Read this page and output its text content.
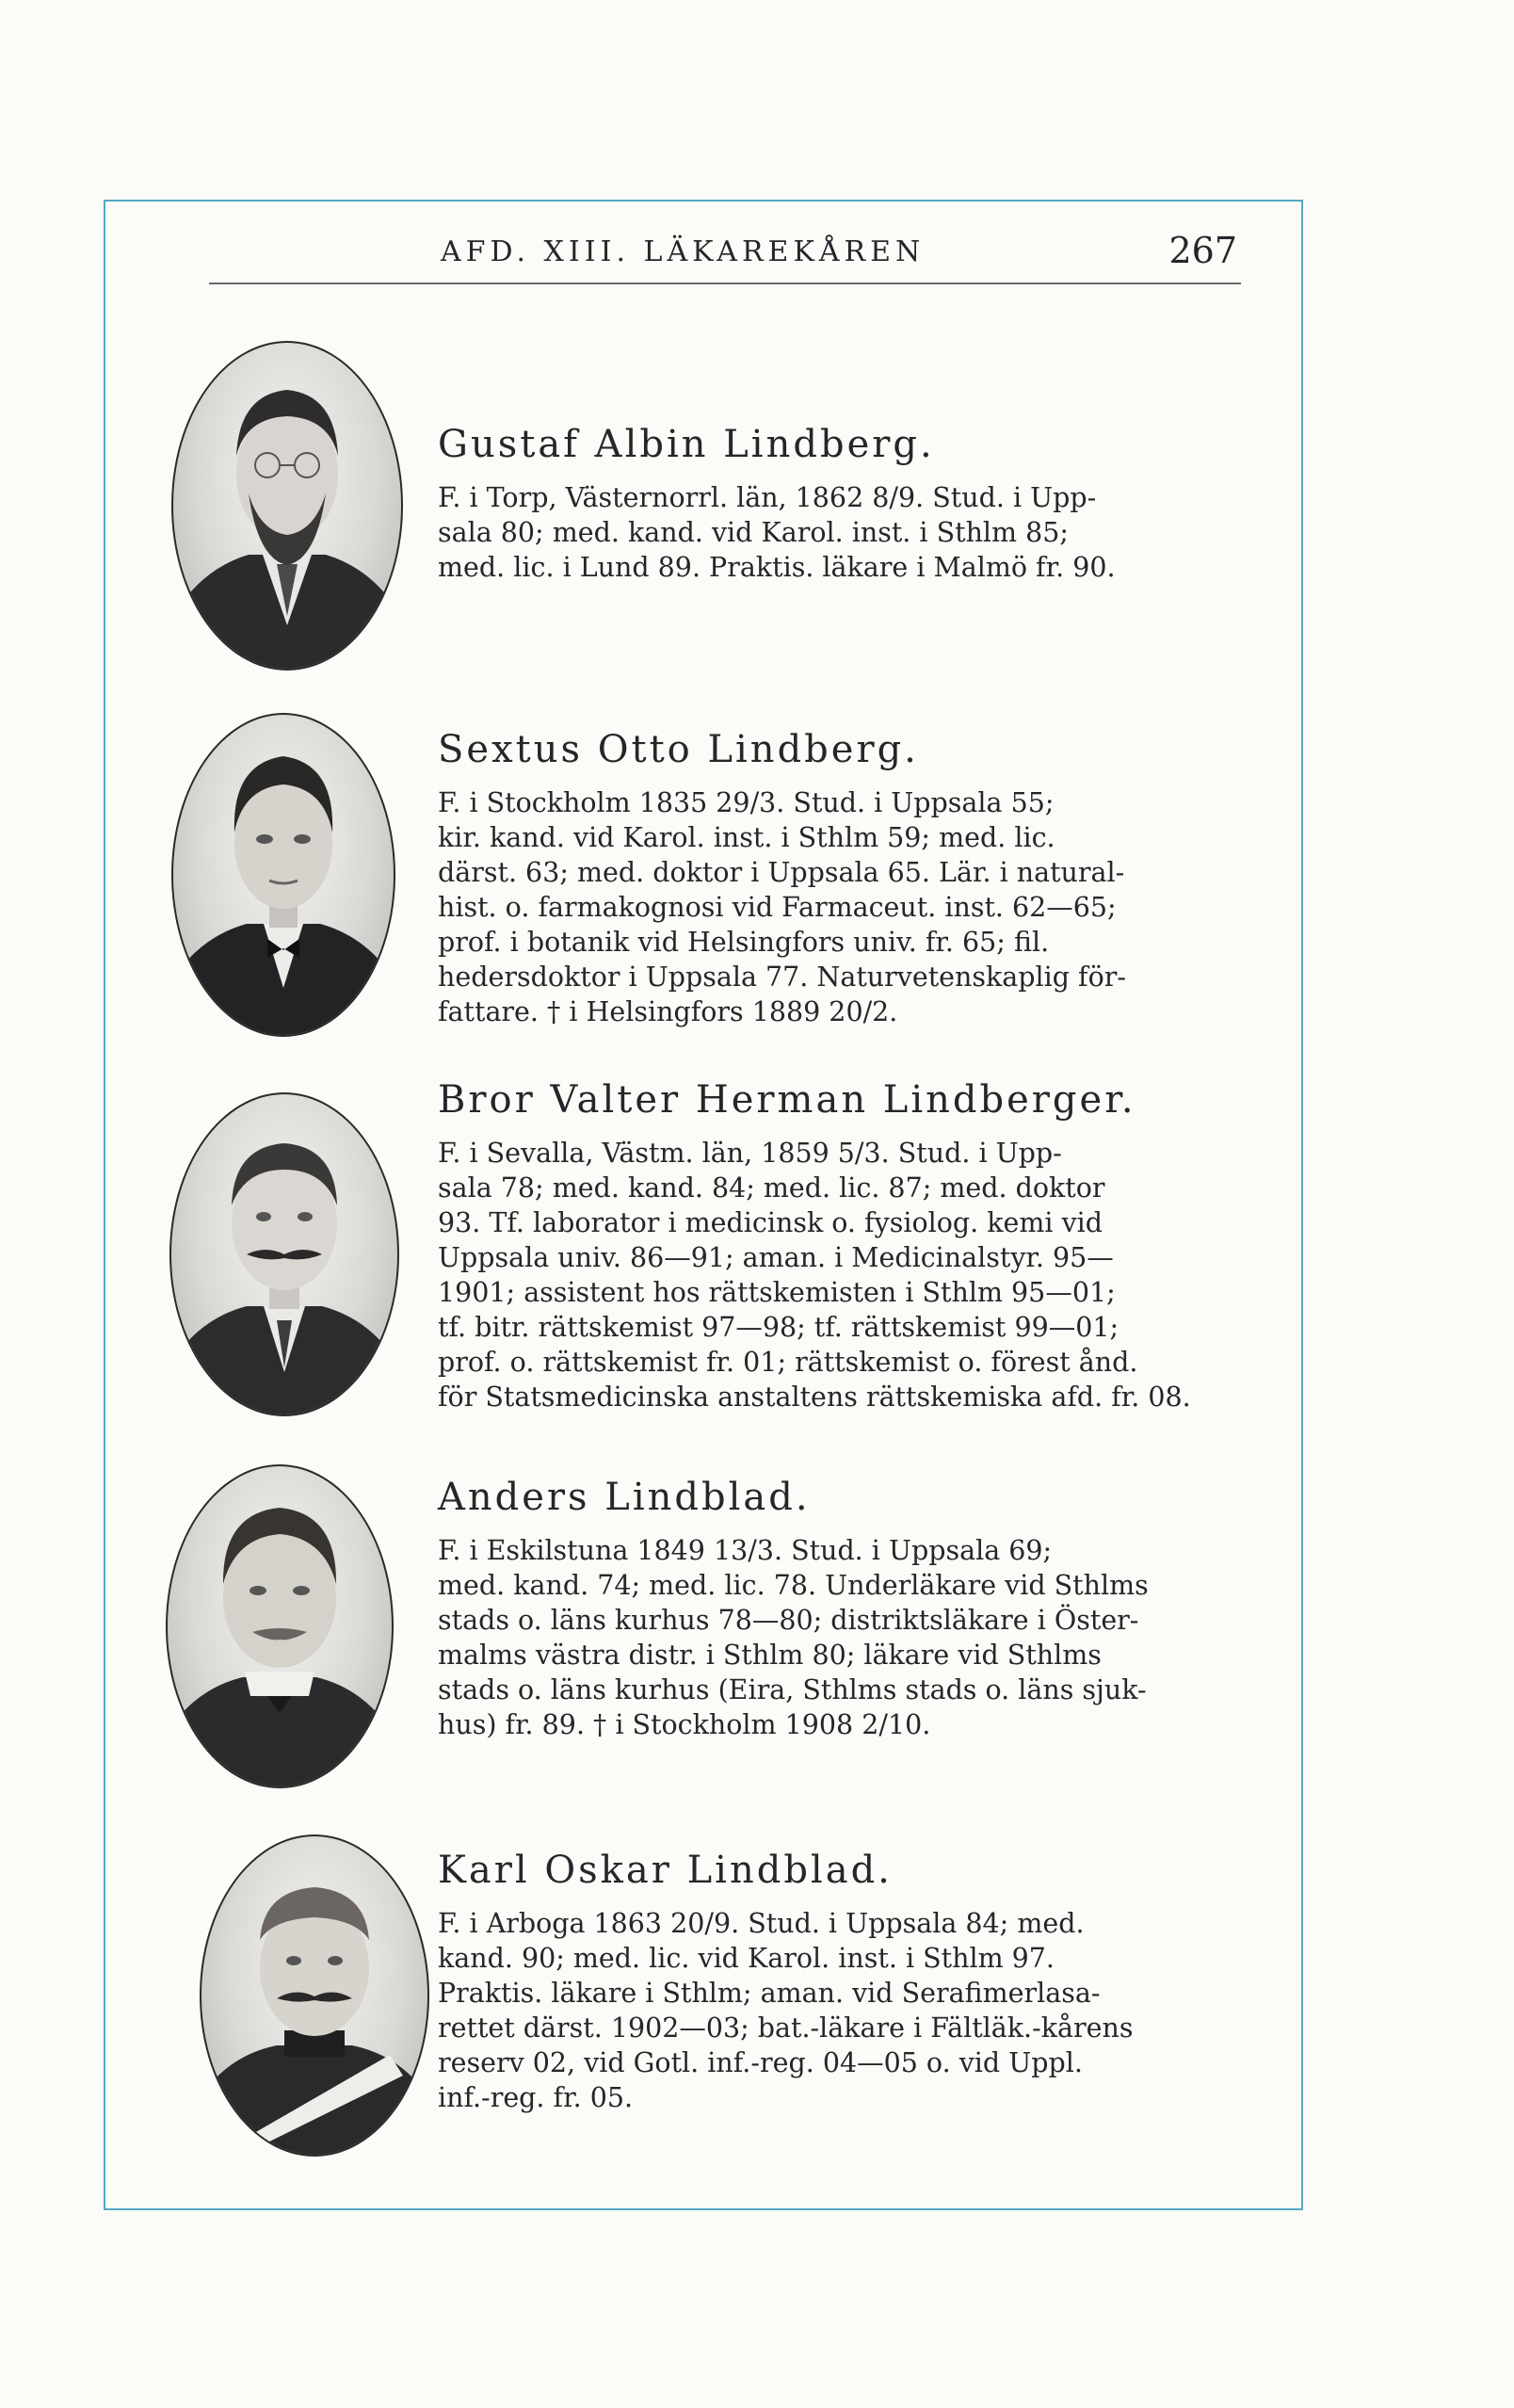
AFD. XIII. LÄKAREKÅREN	267
Gustaf Albin Lindberg.
F. i Torp, Västernorrl. län, 1862 8/9. Stud. i Upp-
sala 80; med. kand. vid Karol. inst. i Sthlm 85;
med. lic. i Lund 89. Praktis. läkare i Malmö fr. 90.
Sextus Otto Lindberg.
F. i Stockholm 1835 29/3. Stud. i Uppsala 55;
kir. kand. vid Karol. inst. i Sthlm 59; med. lic.
därst. 63; med. doktor i Uppsala 65. Lär. i natural-
hist. o. farmakognosi vid Farmaceut. inst. 62—65;
prof. i botanik vid Helsingfors univ. fr. 65; fil.
hedersdoktor i Uppsala 77. Naturvetenskaplig för-
fattare. † i Helsingfors 1889 20/2.
Bror Valter Herman Lindberger.
F. i Sevalla, Västm. län, 1859 5/3. Stud. i Upp-
sala 78; med. kand. 84; med. lic. 87; med. doktor
93. Tf. laborator i medicinsk o. fysiolog. kemi vid
Uppsala univ. 86—91; aman. i Medicinalstyr. 95—
1901; assistent hos rättskemisten i Sthlm 95—01;
tf. bitr. rättskemist 97—98; tf. rättskemist 99—01;
prof. o. rättskemist fr. 01; rättskemist o. förest ånd.
för Statsmedicinska anstaltens rättskemiska afd. fr. 08.
Anders Lindblad.
F. i Eskilstuna 1849 13/3. Stud. i Uppsala 69;
med. kand. 74; med. lic. 78. Underläkare vid Sthlms
stads o. läns kurhus 78—80; distriktsläkare i Öster-
malms västra distr. i Sthlm 80; läkare vid Sthlms
stads o. läns kurhus (Eira, Sthlms stads o. läns sjuk-
hus) fr. 89. † i Stockholm 1908 2/10.
Karl Oskar Lindblad.
F. i Arboga 1863 20/9. Stud. i Uppsala 84; med.
kand. 90; med. lic. vid Karol. inst. i Sthlm 97.
Praktis. läkare i Sthlm; aman. vid Serafimerlasa-
rettet därst. 1902—03; bat.-läkare i Fältläk.-kårens
reserv 02, vid Gotl. inf.-reg. 04—05 o. vid Uppl.
inf.-reg. fr. 05.
